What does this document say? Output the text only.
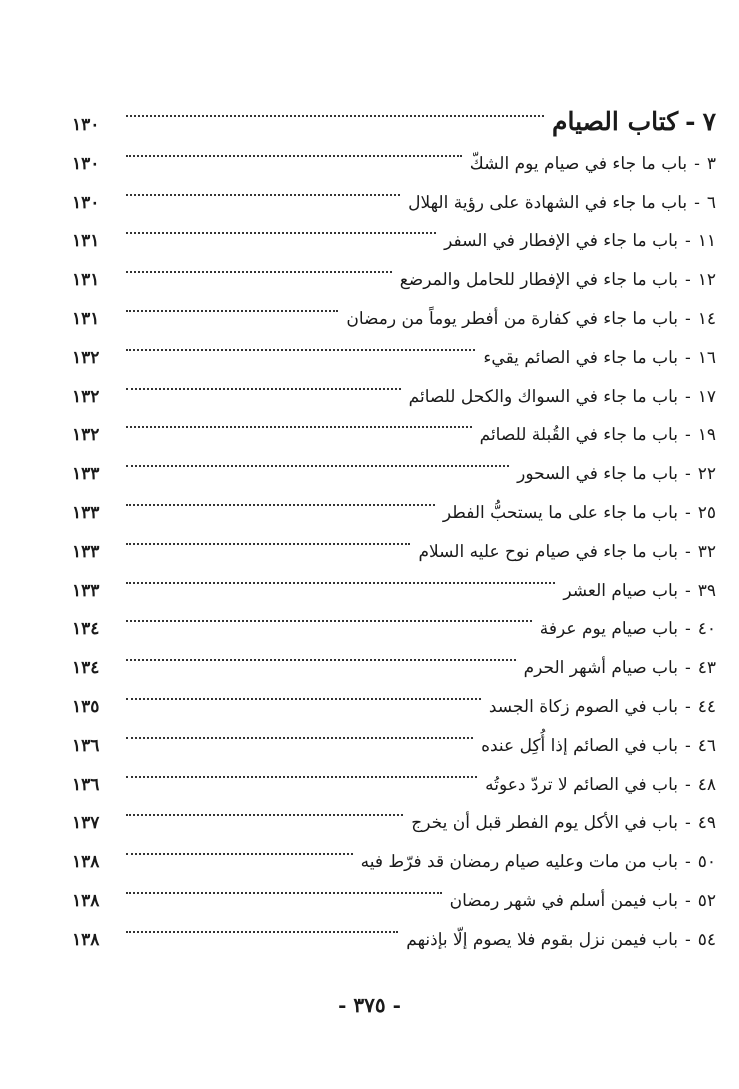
٧
-
كتاب الصيام
١٣٠
٣
-
باب ما جاء في صيام يوم الشكّ
١٣٠
٦
-
باب ما جاء في الشهادة على رؤية الهلال
١٣٠
١١
-
باب ما جاء في الإفطار في السفر
١٣١
١٢
-
باب ما جاء في الإفطار للحامل والمرضع
١٣١
١٤
-
باب ما جاء في كفارة من أفطر يوماً من رمضان
١٣١
١٦
-
باب ما جاء في الصائم يقيء
١٣٢
١٧
-
باب ما جاء في السواك والكحل للصائم
١٣٢
١٩
-
باب ما جاء في القُبلة للصائم
١٣٢
٢٢
-
باب ما جاء في السحور
١٣٣
٢٥
-
باب ما جاء على ما يستحبُّ الفطر
١٣٣
٣٢
-
باب ما جاء في صيام نوح عليه السلام
١٣٣
٣٩
-
باب صيام العشر
١٣٣
٤٠
-
باب صيام يوم عرفة
١٣٤
٤٣
-
باب صيام أشهر الحرم
١٣٤
٤٤
-
باب في الصوم زكاة الجسد
١٣٥
٤٦
-
باب في الصائم إذا أُكِل عنده
١٣٦
٤٨
-
باب في الصائم لا تردّ دعوتُه
١٣٦
٤٩
-
باب في الأكل يوم الفطر قبل أن يخرج
١٣٧
٥٠
-
باب من مات وعليه صيام رمضان قد فرّط فيه
١٣٨
٥٢
-
باب فيمن أسلم في شهر رمضان
١٣٨
٥٤
-
باب فيمن نزل بقوم فلا يصوم إلّا بإذنهم
١٣٨
- ٣٧٥ -
